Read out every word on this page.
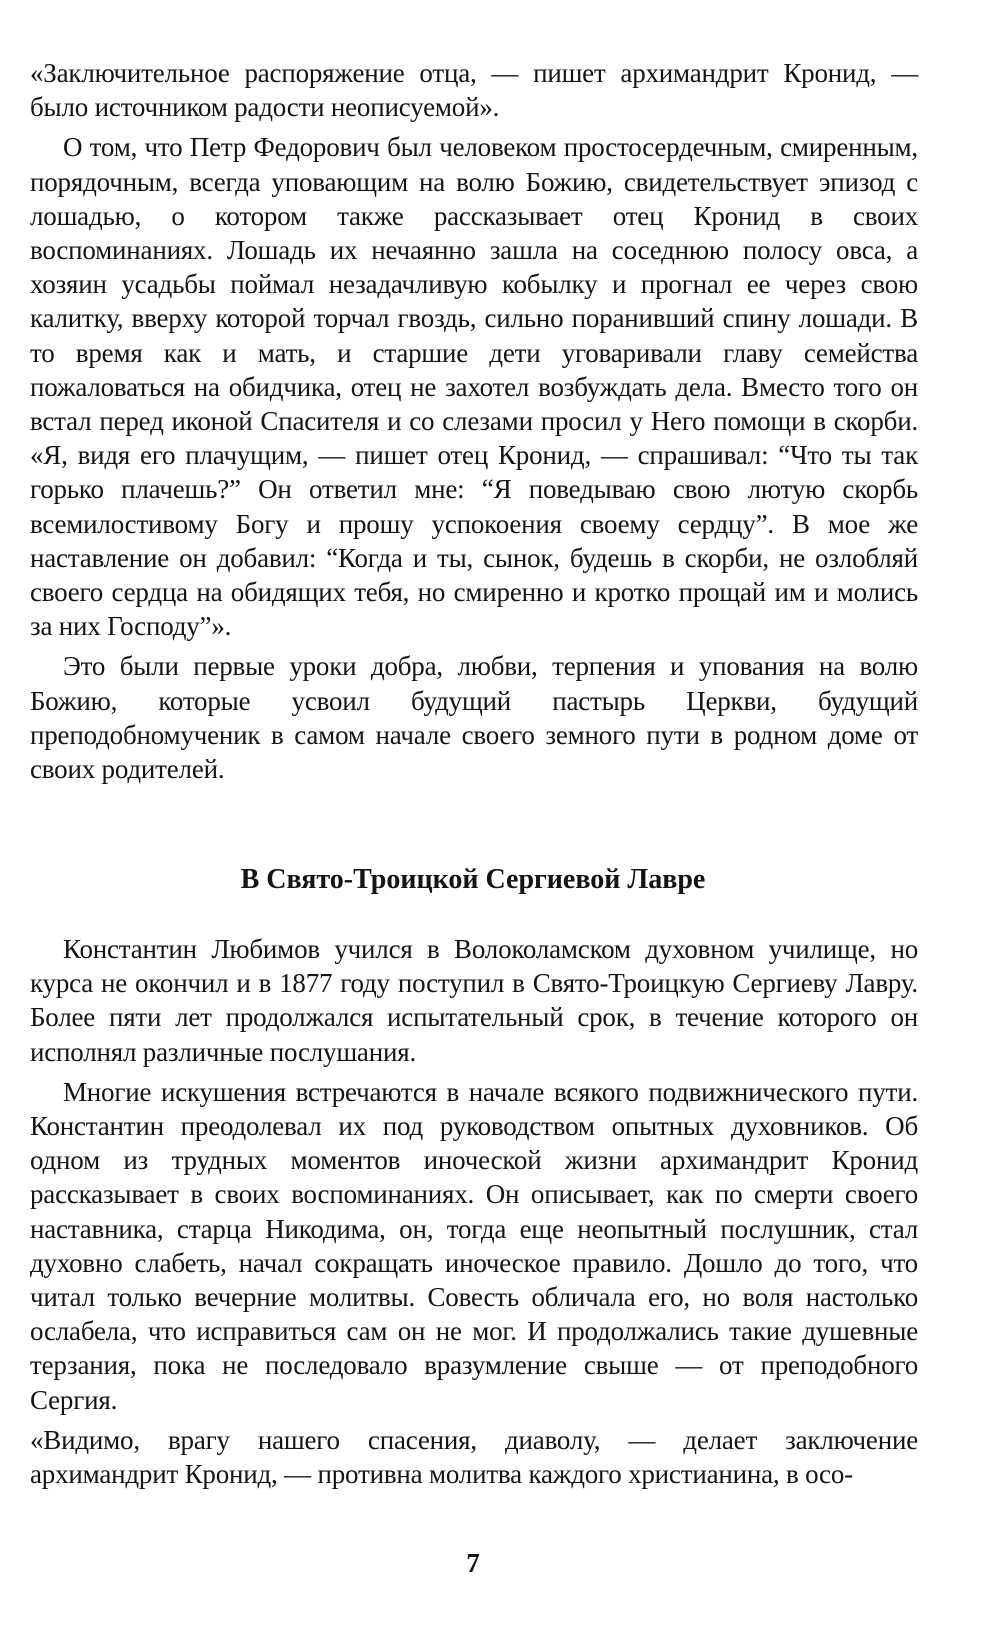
«Заключительное распоряжение отца, — пишет архимандрит Кронид, — было источником радости неописуемой».

О том, что Петр Федорович был человеком простосердечным, смиренным, порядочным, всегда уповающим на волю Божию, свидетельствует эпизод с лошадью, о котором также рассказывает отец Кронид в своих воспоминаниях. Лошадь их нечаянно зашла на соседнюю полосу овса, а хозяин усадьбы поймал незадачливую кобылку и прогнал ее через свою калитку, вверху которой торчал гвоздь, сильно поранивший спину лошади. В то время как и мать, и старшие дети уговаривали главу семейства пожаловаться на обидчика, отец не захотел возбуждать дела. Вместо того он встал перед иконой Спасителя и со слезами просил у Него помощи в скорби. «Я, видя его плачущим, — пишет отец Кронид, — спрашивал: “Что ты так горько плачешь?” Он ответил мне: “Я поведываю свою лютую скорбь всемилостивому Богу и прошу успокоения своему сердцу”. В мое же наставление он добавил: “Когда и ты, сынок, будешь в скорби, не озлобляй своего сердца на обидящих тебя, но смиренно и кротко прощай им и молись за них Господу”».

Это были первые уроки добра, любви, терпения и упования на волю Божию, которые усвоил будущий пастырь Церкви, будущий преподобномученик в самом начале своего земного пути в родном доме от своих родителей.

В Свято-Троицкой Сергиевой Лавре

Константин Любимов учился в Волоколамском духовном училище, но курса не окончил и в 1877 году поступил в Свято-Троицкую Сергиеву Лавру. Более пяти лет продолжался испытательный срок, в течение которого он исполнял различные послушания.

Многие искушения встречаются в начале всякого подвижнического пути. Константин преодолевал их под руководством опытных духовников. Об одном из трудных моментов иноческой жизни архимандрит Кронид рассказывает в своих воспоминаниях. Он описывает, как по смерти своего наставника, старца Никодима, он, тогда еще неопытный послушник, стал духовно слабеть, начал сокращать иноческое правило. Дошло до того, что читал только вечерние молитвы. Совесть обличала его, но воля настолько ослабела, что исправиться сам он не мог. И продолжались такие душевные терзания, пока не последовало вразумление свыше — от преподобного Сергия.

«Видимо, врагу нашего спасения, диаволу, — делает заключение архимандрит Кронид, — противна молитва каждого христианина, в осо-

7
